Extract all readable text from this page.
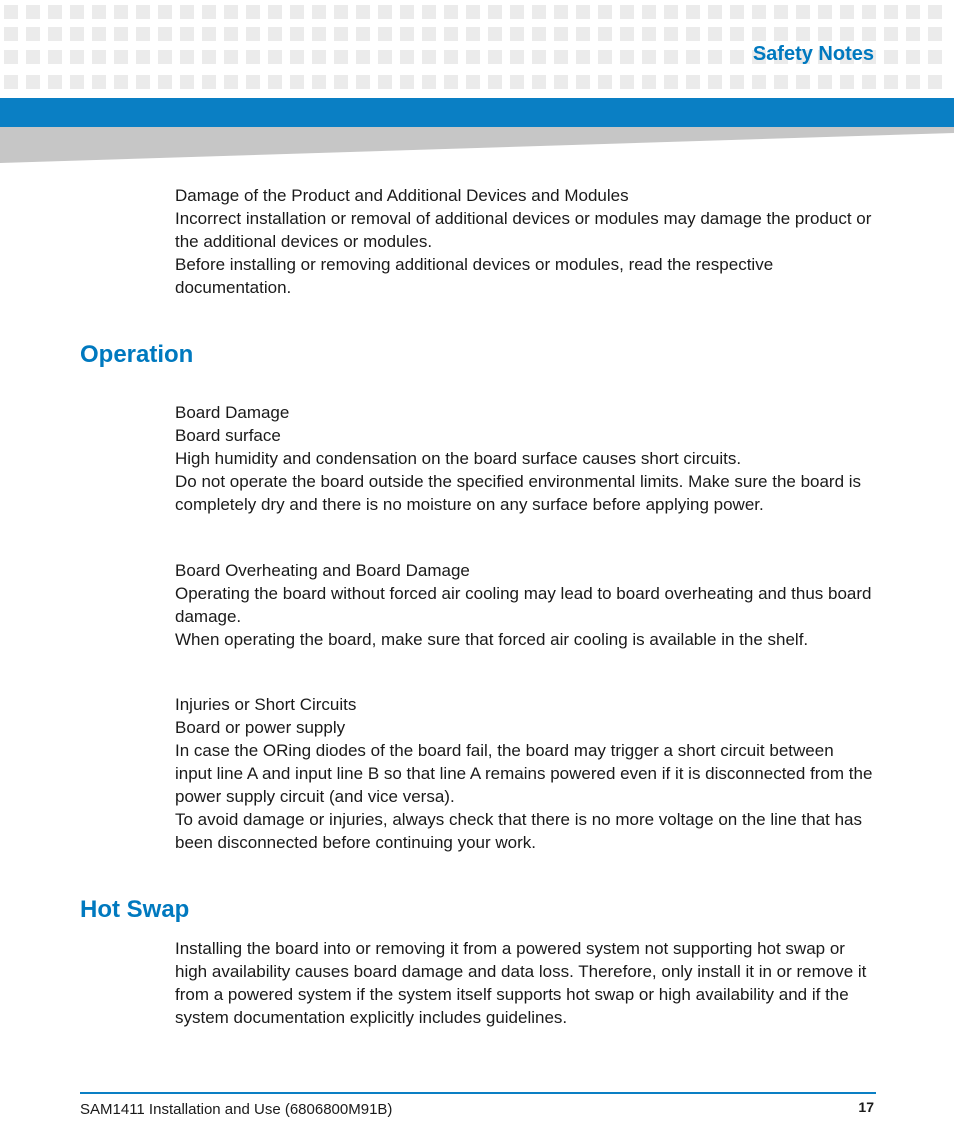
Safety Notes

Damage of the Product and Additional Devices and Modules

Incorrect installation or removal of additional devices or modules may damage the product or the additional devices or modules.

Before installing or removing additional devices or modules, read the respective documentation.

Operation

Board Damage

Board surface

High humidity and condensation on the board surface causes short circuits.

Do not operate the board outside the specified environmental limits. Make sure the board is completely dry and there is no moisture on any surface before applying power.

Board Overheating and Board Damage

Operating the board without forced air cooling may lead to board overheating and thus board damage.

When operating the board, make sure that forced air cooling is available in the shelf.

Injuries or Short Circuits

Board or power supply

In case the ORing diodes of the board fail, the board may trigger a short circuit between input line A and input line B so that line A remains powered even if it is disconnected from the power supply circuit (and vice versa).

To avoid damage or injuries, always check that there is no more voltage on the line that has been disconnected before continuing your work.

Hot Swap

Installing the board into or removing it from a powered system not supporting hot swap or high availability causes board damage and data loss. Therefore, only install it in or remove it from a powered system if the system itself supports hot swap or high availability and if the system documentation explicitly includes guidelines.

SAM1411 Installation and Use (6806800M91B)	17
